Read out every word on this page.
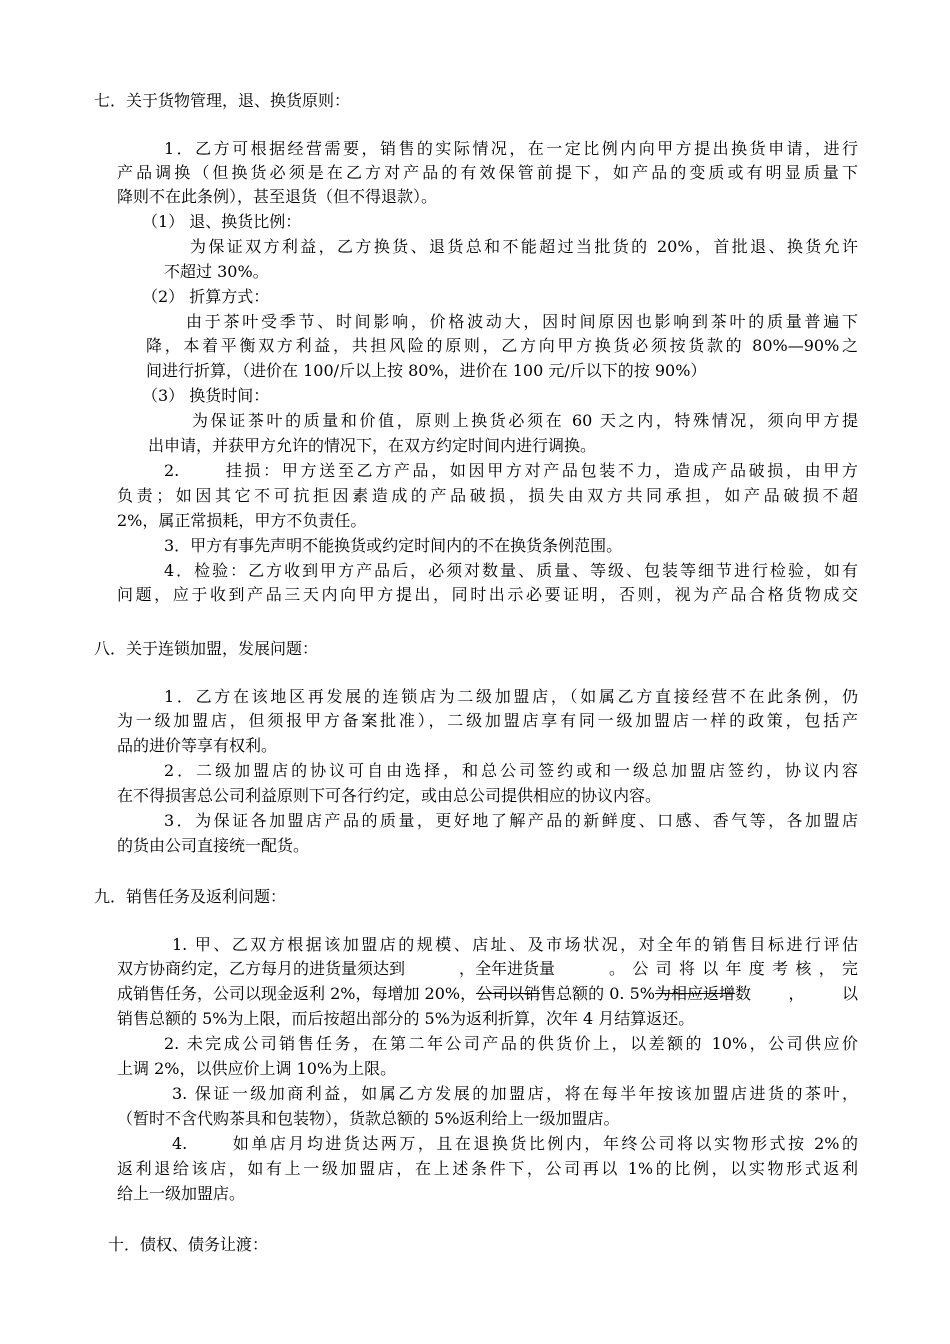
七．关于货物管理，退、换货原则：
1．乙方可根据经营需要，销售的实际情况，在一定比例内向甲方提出换货申请，进行
产品调换（但换货必须是在乙方对产品的有效保管前提下，如产品的变质或有明显质量下
降则不在此条例），甚至退货（但不得退款）。
（1） 退、换货比例：
为保证双方利益，乙方换货、退货总和不能超过当批货的 20%，首批退、换货允许
不超过 30%。
（2） 折算方式：
由于茶叶受季节、时间影响，价格波动大，因时间原因也影响到茶叶的质量普遍下
降，本着平衡双方利益，共担风险的原则，乙方向甲方换货必须按货款的 80%—90%之
间进行折算，（进价在 100/斤以上按 80%，进价在 100 元/斤以下的按 90%）
（3） 换货时间：
为保证茶叶的质量和价值，原则上换货必须在 60 天之内，特殊情况，须向甲方提
出申请，并获甲方允许的情况下，在双方约定时间内进行调换。
2.      挂损：甲方送至乙方产品，如因甲方对产品包装不力，造成产品破损，由甲方
负责；如因其它不可抗拒因素造成的产品破损，损失由双方共同承担，如产品破损不超
2%，属正常损耗，甲方不负责任。
3．甲方有事先声明不能换货或约定时间内的不在换货条例范围。
4．检验：乙方收到甲方产品后，必须对数量、质量、等级、包装等细节进行检验，如有
问题，应于收到产品三天内向甲方提出，同时出示必要证明，否则，视为产品合格货物成交
八．关于连锁加盟，发展问题：
1．乙方在该地区再发展的连锁店为二级加盟店，（如属乙方直接经营不在此条例，仍
为一级加盟店，但须报甲方备案批准），二级加盟店享有同一级加盟店一样的政策，包括产
品的进价等享有权利。
2．二级加盟店的协议可自由选择，和总公司签约或和一级总加盟店签约，协议内容
在不得损害总公司利益原则下可各行约定，或由总公司提供相应的协议内容。
3．为保证各加盟店产品的质量，更好地了解产品的新鲜度、口感、香气等，各加盟店
的货由公司直接统一配货。
九．销售任务及返利问题：
1. 甲、乙双方根据该加盟店的规模、店址、及市场状况，对全年的销售目标进行评估
双方协商约定，乙方每月的进货量须达到	，全年进货量	。公司将以年度考核，完
成销售任务，公司以现金返利 2%，每增加 20%， 公司以销 售总额的 0. 5% 为相应返增 数，以
销售总额的 5%为上限，而后按超出部分的 5%为返利折算，次年 4 月结算返还。
2. 未完成公司销售任务，在第二年公司产品的供货价上，以差额的 10%，公司供应价
上调 2%，以供应价上调 10%为上限。
3. 保证一级加商利益，如属乙方发展的加盟店，将在每半年按该加盟店进货的茶叶，
（暂时不含代购茶具和包装物），货款总额的 5%返利给上一级加盟店。
4.      如单店月均进货达两万，且在退换货比例内，年终公司将以实物形式按 2%的
返利退给该店，如有上一级加盟店，在上述条件下，公司再以 1%的比例，以实物形式返利
给上一级加盟店。
十．债权、债务让渡：
